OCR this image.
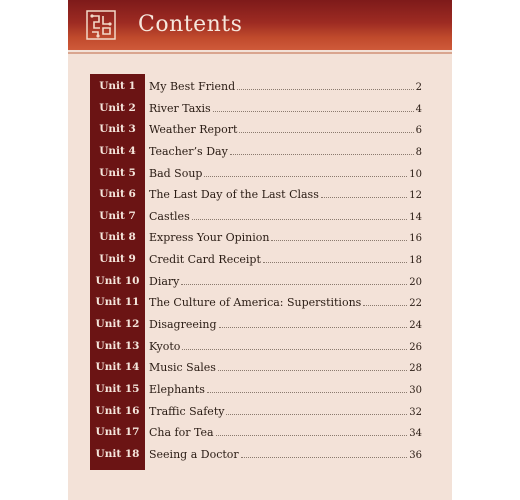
Contents
Unit 1	My Best Friend	2
Unit 2	River Taxis	4
Unit 3	Weather Report	6
Unit 4	Teacher’s Day	8
Unit 5	Bad Soup	10
Unit 6	The Last Day of the Last Class	12
Unit 7	Castles	14
Unit 8	Express Your Opinion	16
Unit 9	Credit Card Receipt	18
Unit 10 Diary	20
Unit 11 The Culture of America: Superstitions	22
Unit 12 Disagreeing	24
Unit 13 Kyoto	26
Unit 14 Music Sales	28
Unit 15 Elephants	30
Unit 16 Traffic Safety	32
Unit 17 Cha for Tea	34
Unit 18 Seeing a Doctor	36
